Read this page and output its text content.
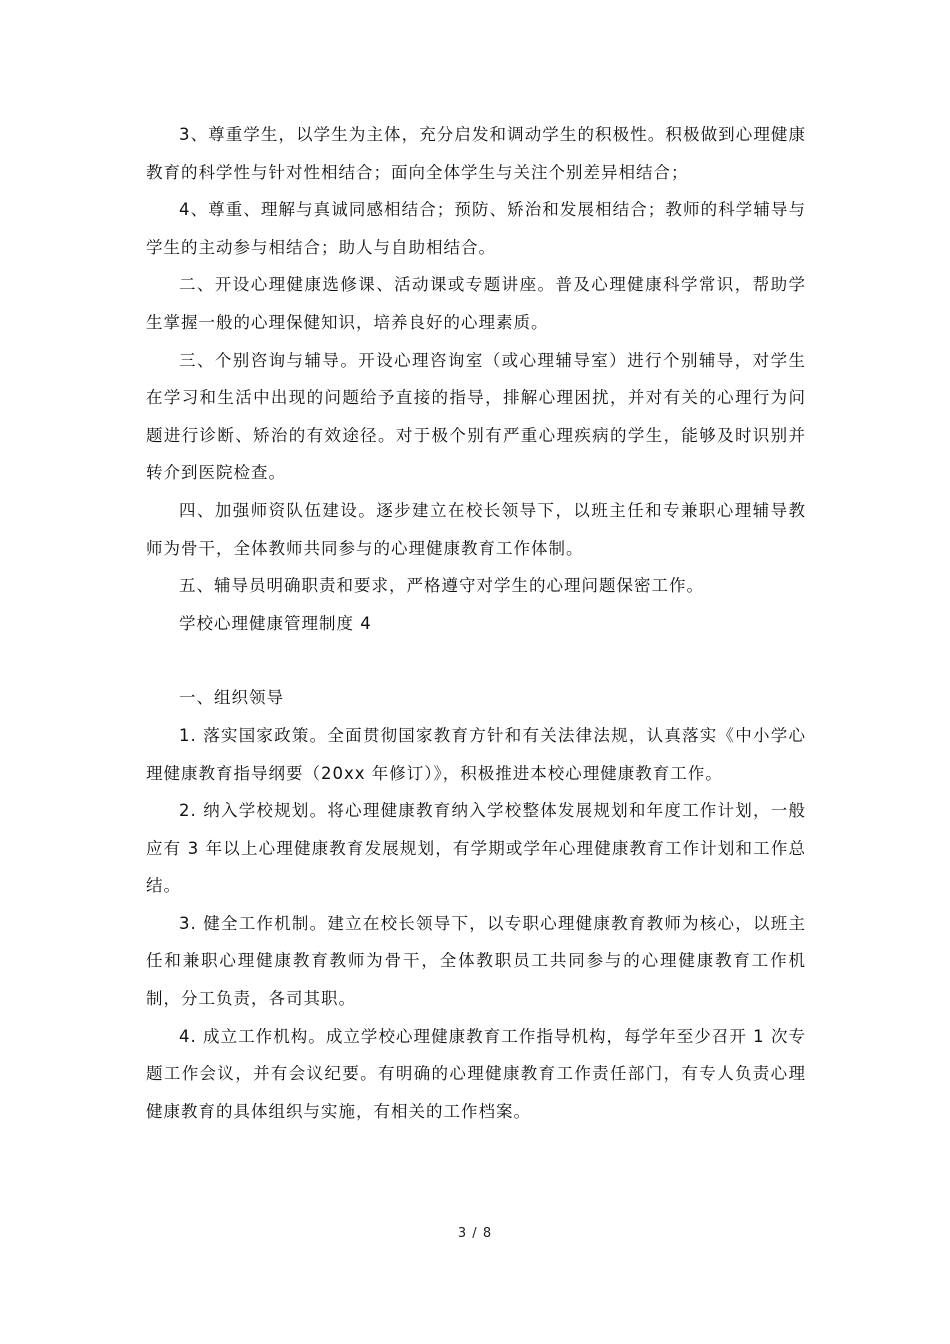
3、尊重学生，以学生为主体，充分启发和调动学生的积极性。积极做到心理健康教育的科学性与针对性相结合；面向全体学生与关注个别差异相结合；

4、尊重、理解与真诚同感相结合；预防、矫治和发展相结合；教师的科学辅导与学生的主动参与相结合；助人与自助相结合。

二、开设心理健康选修课、活动课或专题讲座。普及心理健康科学常识，帮助学生掌握一般的心理保健知识，培养良好的心理素质。

三、个别咨询与辅导。开设心理咨询室（或心理辅导室）进行个别辅导，对学生在学习和生活中出现的问题给予直接的指导，排解心理困扰，并对有关的心理行为问题进行诊断、矫治的有效途径。对于极个别有严重心理疾病的学生，能够及时识别并转介到医院检查。

四、加强师资队伍建设。逐步建立在校长领导下，以班主任和专兼职心理辅导教师为骨干，全体教师共同参与的心理健康教育工作体制。

五、辅导员明确职责和要求，严格遵守对学生的心理问题保密工作。

学校心理健康管理制度 4

一、组织领导

1. 落实国家政策。全面贯彻国家教育方针和有关法律法规，认真落实《中小学心理健康教育指导纲要（20xx 年修订）》，积极推进本校心理健康教育工作。

2. 纳入学校规划。将心理健康教育纳入学校整体发展规划和年度工作计划，一般应有 3 年以上心理健康教育发展规划，有学期或学年心理健康教育工作计划和工作总结。

3. 健全工作机制。建立在校长领导下，以专职心理健康教育教师为核心，以班主任和兼职心理健康教育教师为骨干，全体教职员工共同参与的心理健康教育工作机制，分工负责，各司其职。

4. 成立工作机构。成立学校心理健康教育工作指导机构，每学年至少召开 1 次专题工作会议，并有会议纪要。有明确的心理健康教育工作责任部门，有专人负责心理健康教育的具体组织与实施，有相关的工作档案。

3 / 8
